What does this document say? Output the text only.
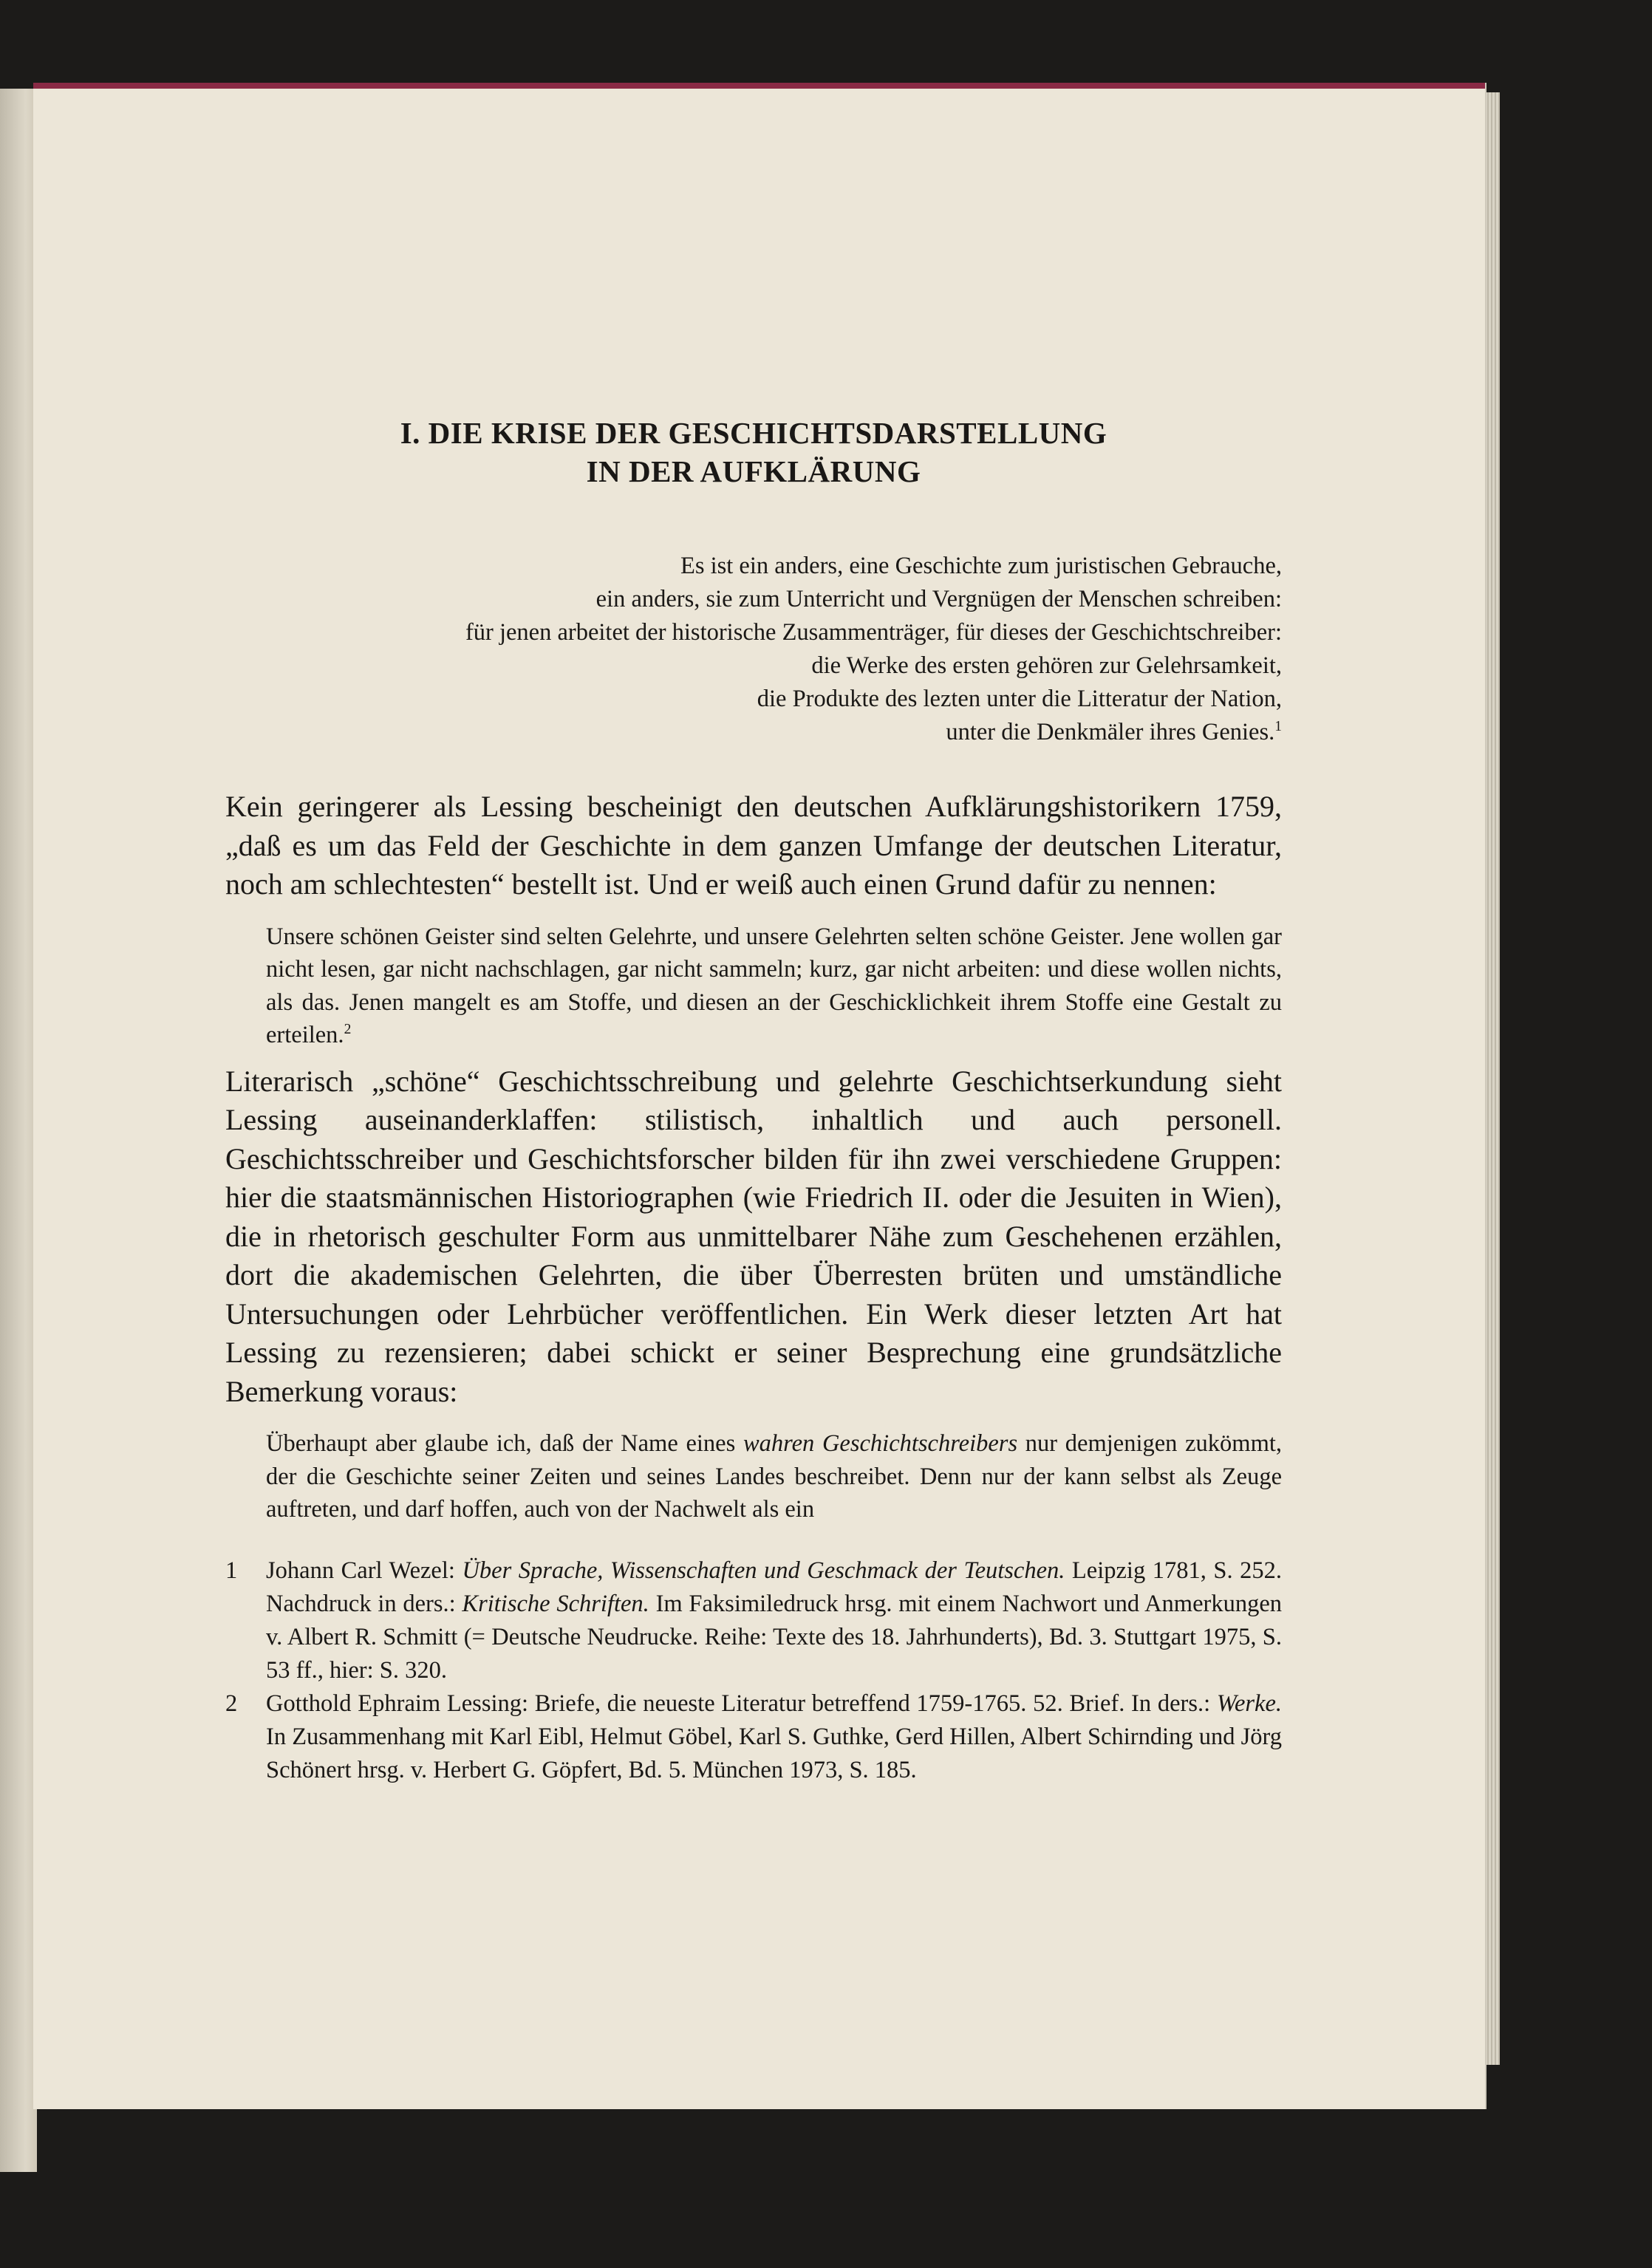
I. DIE KRISE DER GESCHICHTSDARSTELLUNG
IN DER AUFKLÄRUNG
Es ist ein anders, eine Geschichte zum juristischen Gebrauche,
ein anders, sie zum Unterricht und Vergnügen der Menschen schreiben:
für jenen arbeitet der historische Zusammenträger, für dieses der Geschichtschreiber:
die Werke des ersten gehören zur Gelehrsamkeit,
die Produkte des lezten unter die Litteratur der Nation,
unter die Denkmäler ihres Genies.$^1$

Kein geringerer als Lessing bescheinigt den deutschen Aufklärungshistorikern 1759, „daß es um das Feld der Geschichte in dem ganzen Umfange der deutschen Literatur, noch am schlechtesten“ bestellt ist. Und er weiß auch einen Grund dafür zu nennen:

Unsere schönen Geister sind selten Gelehrte, und unsere Gelehrten selten schöne Geister. Jene wollen gar nicht lesen, gar nicht nachschlagen, gar nicht sammeln; kurz, gar nicht arbeiten: und diese wollen nichts, als das. Jenen mangelt es am Stoffe, und diesen an der Geschicklichkeit ihrem Stoffe eine Gestalt zu erteilen.$^2$

Literarisch „schöne“ Geschichtsschreibung und gelehrte Geschichtserkundung sieht Lessing auseinanderklaffen: stilistisch, inhaltlich und auch personell. Geschichtsschreiber und Geschichtsforscher bilden für ihn zwei verschiedene Gruppen: hier die staatsmännischen Historiographen (wie Friedrich II. oder die Jesuiten in Wien), die in rhetorisch geschulter Form aus unmittelbarer Nähe zum Geschehenen erzählen, dort die akademischen Gelehrten, die über Überresten brüten und umständliche Untersuchungen oder Lehrbücher veröffentlichen. Ein Werk dieser letzten Art hat Lessing zu rezensieren; dabei schickt er seiner Besprechung eine grundsätzliche Bemerkung voraus:

Überhaupt aber glaube ich, daß der Name eines wahren Geschichtschreibers nur demjenigen zukömmt, der die Geschichte seiner Zeiten und seines Landes beschreibet. Denn nur der kann selbst als Zeuge auftreten, und darf hoffen, auch von der Nachwelt als ein

1	Johann Carl Wezel: Über Sprache, Wissenschaften und Geschmack der Teutschen. Leipzig 1781, S. 252. Nachdruck in ders.: Kritische Schriften. Im Faksimiledruck hrsg. mit einem Nachwort und Anmerkungen v. Albert R. Schmitt (= Deutsche Neudrucke. Reihe: Texte des 18. Jahrhunderts), Bd. 3. Stuttgart 1975, S. 53 ff., hier: S. 320.
2	Gotthold Ephraim Lessing: Briefe, die neueste Literatur betreffend 1759-1765. 52. Brief. In ders.: Werke. In Zusammenhang mit Karl Eibl, Helmut Göbel, Karl S. Guthke, Gerd Hillen, Albert Schirnding und Jörg Schönert hrsg. v. Herbert G. Göpfert, Bd. 5. München 1973, S. 185.
